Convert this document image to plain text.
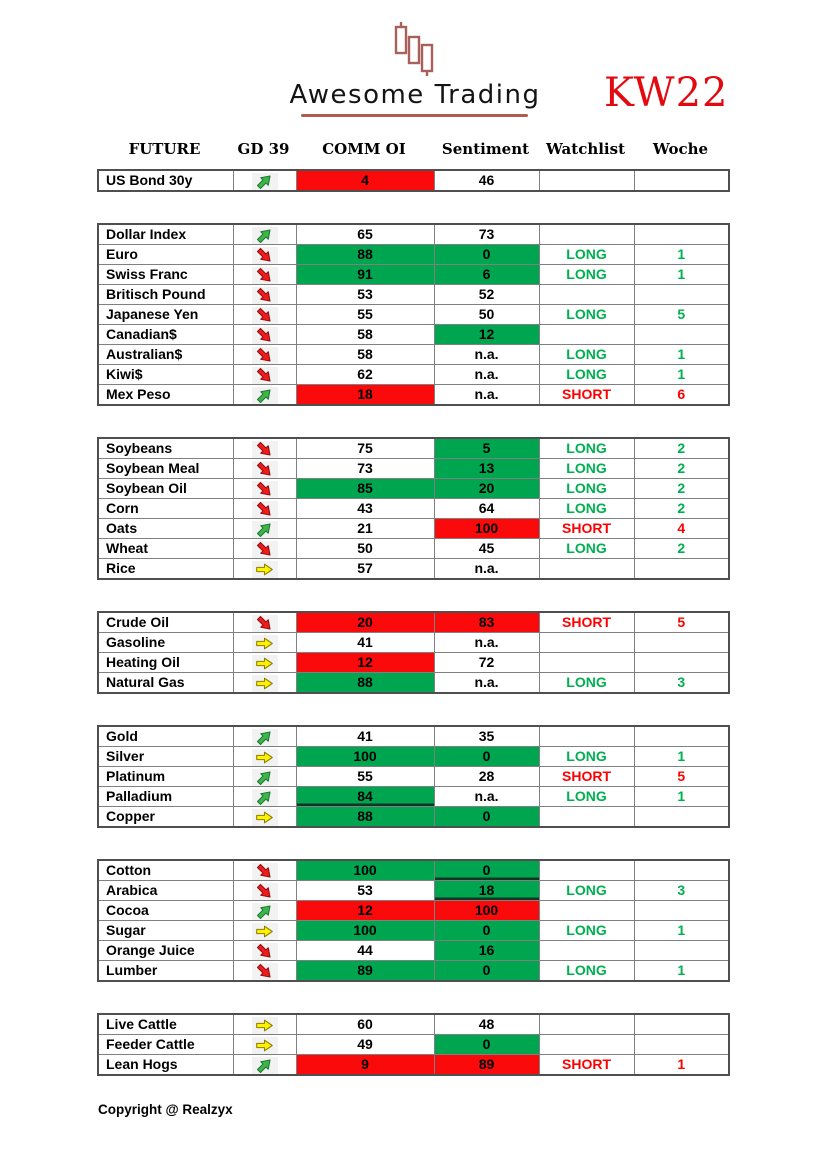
Awesome Trading KW22
FUTURE	GD 39	COMM OI	Sentiment	Watchlist	Woche
US Bond 30y		4	46		
Dollar Index		65	73		
Euro		88	0	LONG	1
Swiss Franc		91	6	LONG	1
Britisch Pound		53	52		
Japanese Yen		55	50	LONG	5
Canadian$		58	12		
Australian$		58	n.a.	LONG	1
Kiwi$		62	n.a.	LONG	1
Mex Peso		18	n.a.	SHORT	6
Soybeans		75	5	LONG	2
Soybean Meal		73	13	LONG	2
Soybean Oil		85	20	LONG	2
Corn		43	64	LONG	2
Oats		21	100	SHORT	4
Wheat		50	45	LONG	2
Rice		57	n.a.		
Crude Oil		20	83	SHORT	5
Gasoline		41	n.a.		
Heating Oil		12	72		
Natural Gas		88	n.a.	LONG	3
Gold		41	35		
Silver		100	0	LONG	1
Platinum		55	28	SHORT	5
Palladium		84	n.a.	LONG	1
Copper		88	0		
Cotton		100	0		
Arabica		53	18	LONG	3
Cocoa		12	100		
Sugar		100	0	LONG	1
Orange Juice		44	16		
Lumber		89	0	LONG	1
Live Cattle		60	48		
Feeder Cattle		49	0		
Lean Hogs		9	89	SHORT	1
Copyright @ Realzyx
